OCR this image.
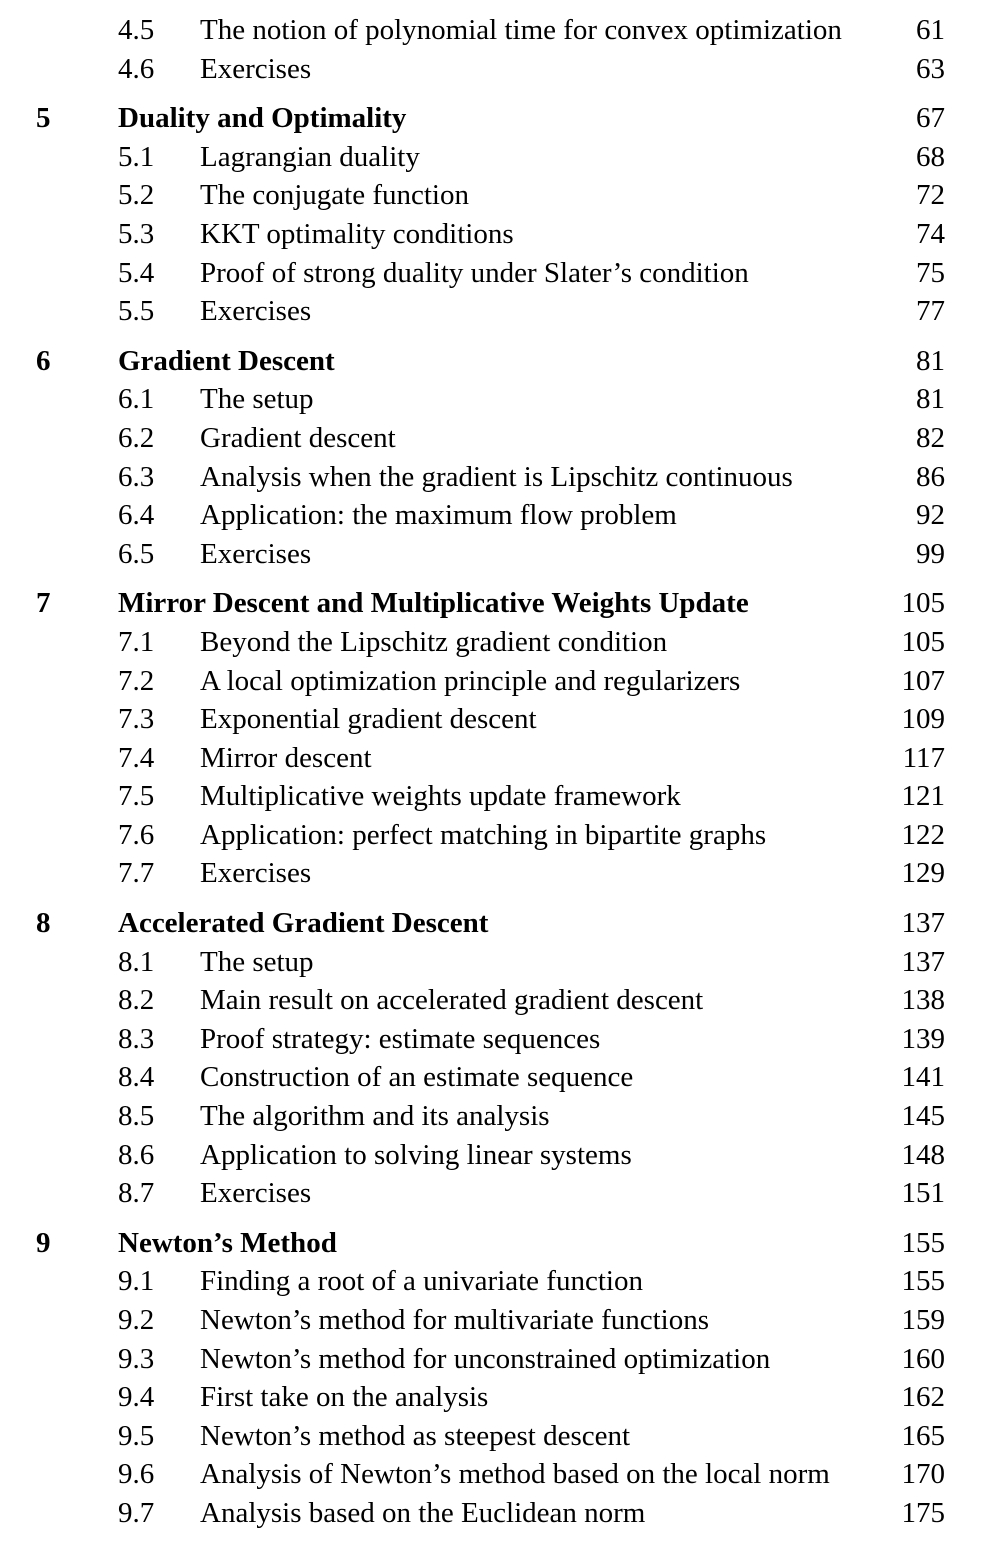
4.5	The notion of polynomial time for convex optimization	61
4.6	Exercises	63
5	Duality and Optimality	67
5.1	Lagrangian duality	68
5.2	The conjugate function	72
5.3	KKT optimality conditions	74
5.4	Proof of strong duality under Slater’s condition	75
5.5	Exercises	77
6	Gradient Descent	81
6.1	The setup	81
6.2	Gradient descent	82
6.3	Analysis when the gradient is Lipschitz continuous	86
6.4	Application: the maximum flow problem	92
6.5	Exercises	99
7	Mirror Descent and Multiplicative Weights Update	105
7.1	Beyond the Lipschitz gradient condition	105
7.2	A local optimization principle and regularizers	107
7.3	Exponential gradient descent	109
7.4	Mirror descent	117
7.5	Multiplicative weights update framework	121
7.6	Application: perfect matching in bipartite graphs	122
7.7	Exercises	129
8	Accelerated Gradient Descent	137
8.1	The setup	137
8.2	Main result on accelerated gradient descent	138
8.3	Proof strategy: estimate sequences	139
8.4	Construction of an estimate sequence	141
8.5	The algorithm and its analysis	145
8.6	Application to solving linear systems	148
8.7	Exercises	151
9	Newton’s Method	155
9.1	Finding a root of a univariate function	155
9.2	Newton’s method for multivariate functions	159
9.3	Newton’s method for unconstrained optimization	160
9.4	First take on the analysis	162
9.5	Newton’s method as steepest descent	165
9.6	Analysis of Newton’s method based on the local norm	170
9.7	Analysis based on the Euclidean norm	175
